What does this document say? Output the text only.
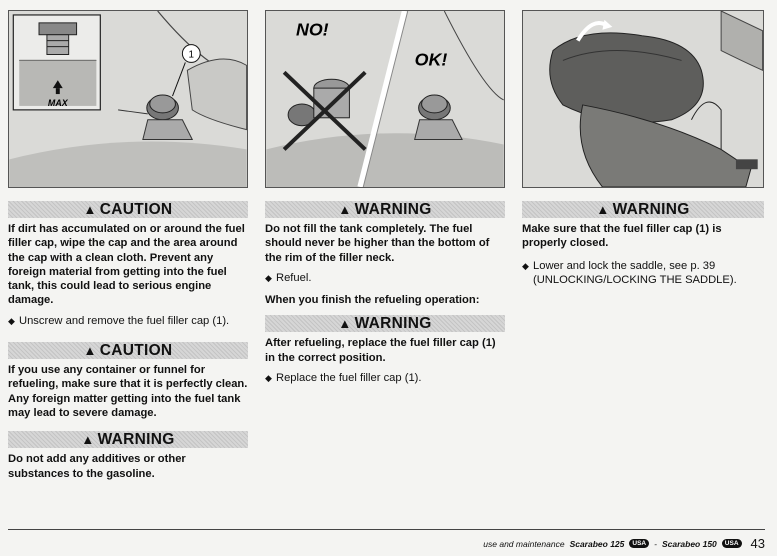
MAX
1
▲ CAUTION

If dirt has accumulated on or around the fuel filler cap, wipe the cap and the area around the cap with a clean cloth. Prevent any foreign material from getting into the fuel tank, this could lead to serious engine damage.

◆ Unscrew and remove the fuel filler cap (1).
▲ CAUTION

If you use any container or funnel for refueling, make sure that it is perfectly clean.

Any foreign matter getting into the fuel tank may lead to severe damage.

▲ WARNING

Do not add any additives or other substances to the gasoline.

NO!
OK!
▲ WARNING

Do not fill the tank completely. The fuel should never be higher than the bottom of the rim of the filler neck.

◆ Refuel.

When you finish the refueling operation:

▲ WARNING

After refueling, replace the fuel filler cap (1) in the correct position.

◆ Replace the fuel filler cap (1).
▲ WARNING

Make sure that the fuel filler cap (1) is properly closed.

◆ Lower and lock the saddle, see p. 39 (UNLOCKING/LOCKING THE SADDLE).
use and maintenance Scarabeo 125	USA - Scarabeo 150	USA 43
